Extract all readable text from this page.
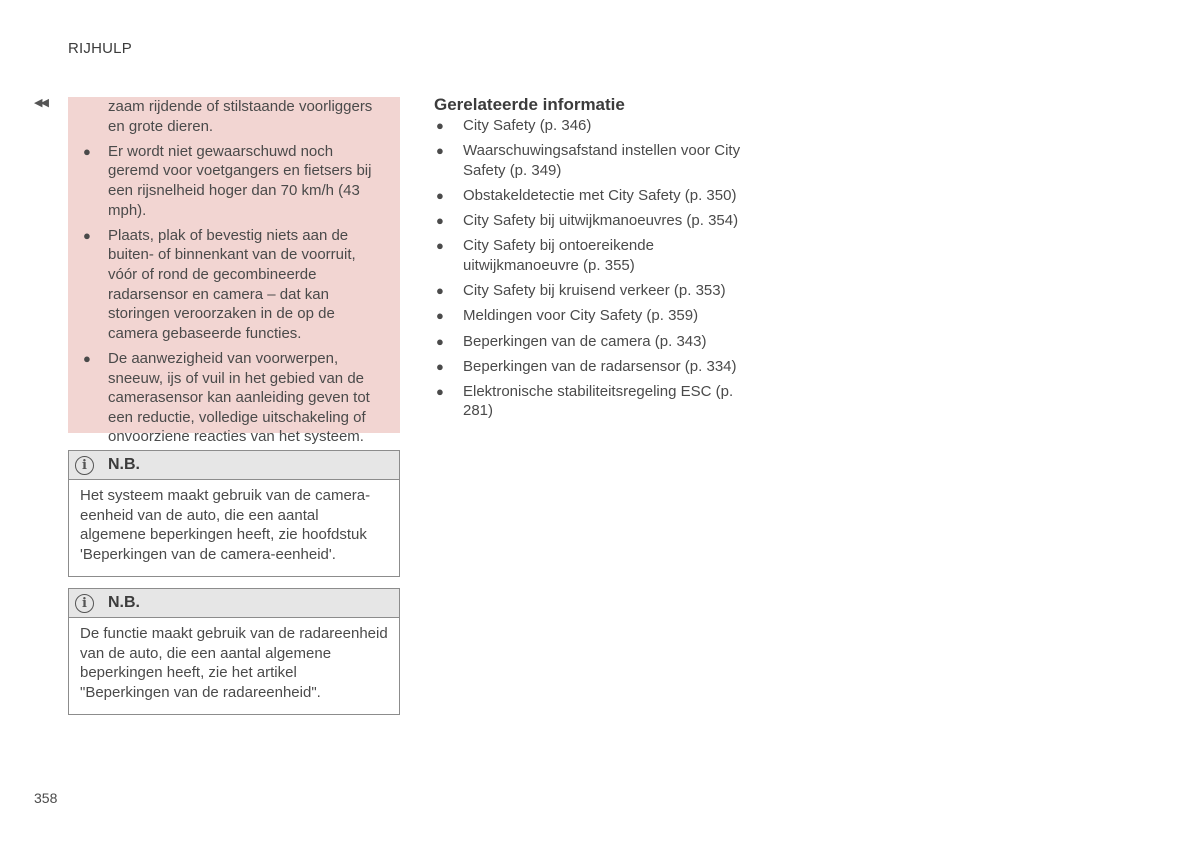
RIJHULP
◀◀	zaam rijdende of stilstaande voorliggers en grote dieren.
● Er wordt niet gewaarschuwd noch geremd voor voetgangers en fietsers bij een rijsnelheid hoger dan 70 km/h (43 mph).
● Plaats, plak of bevestig niets aan de buiten- of binnenkant van de voorruit, vóór of rond de gecombineerde radarsensor en camera – dat kan storingen veroorzaken in de op de camera gebaseerde functies.
● De aanwezigheid van voorwerpen, sneeuw, ijs of vuil in het gebied van de camerasensor kan aanleiding geven tot een reductie, volledige uitschakeling of onvoorziene reacties van het systeem.
i	N.B.
Het systeem maakt gebruik van de camera-eenheid van de auto, die een aantal algemene beperkingen heeft, zie hoofdstuk 'Beperkingen van de camera-eenheid'.
i	N.B.
De functie maakt gebruik van de radareenheid van de auto, die een aantal algemene beperkingen heeft, zie het artikel "Beperkingen van de radareenheid".
Gerelateerde informatie
● City Safety (p. 346)
● Waarschuwingsafstand instellen voor City Safety (p. 349)
● Obstakeldetectie met City Safety (p. 350)
● City Safety bij uitwijkmanoeuvres (p. 354)
● City Safety bij ontoereikende uitwijkmanoeuvre (p. 355)
● City Safety bij kruisend verkeer (p. 353)
● Meldingen voor City Safety (p. 359)
● Beperkingen van de camera (p. 343)
● Beperkingen van de radarsensor (p. 334)
● Elektronische stabiliteitsregeling ESC (p. 281)
358
